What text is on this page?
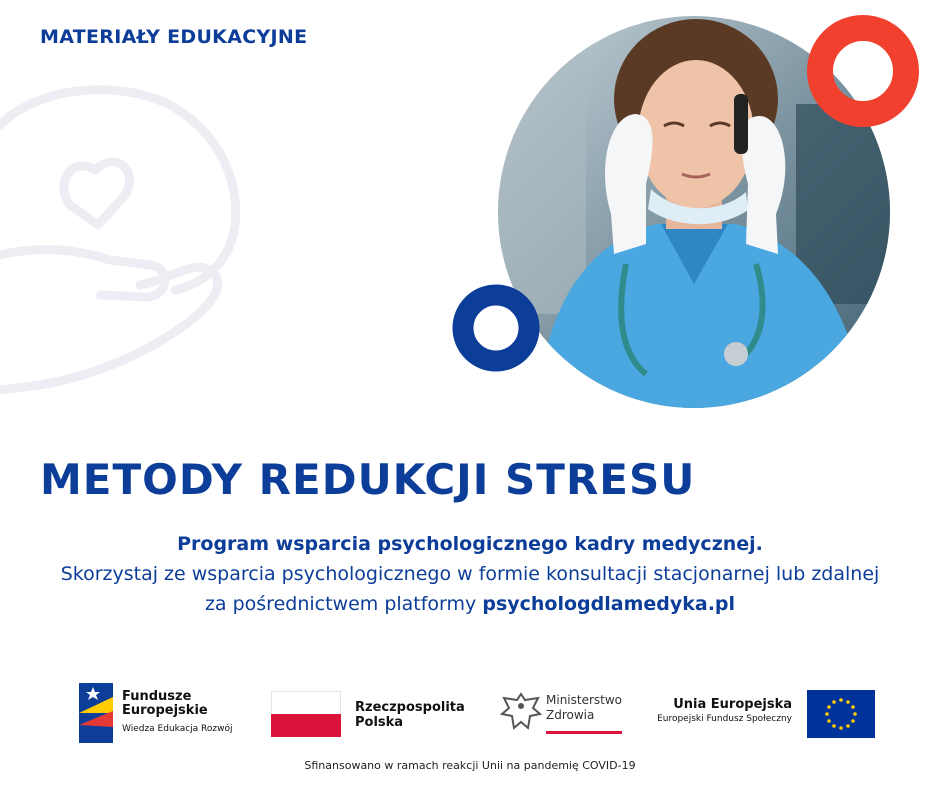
MATERIAŁY EDUKACYJNE
METODY REDUKCJI STRESU
Program wsparcia psychologicznego kadry medycznej.
Skorzystaj ze wsparcia psychologicznego w formie konsultacji stacjonarnej lub zdalnej
za pośrednictwem platformy psychologdlamedyka.pl
Fundusze
Europejskie
Wiedza Edukacja Rozwój
Rzeczpospolita
Polska
Ministerstwo
Zdrowia
Unia Europejska
Europejski Fundusz Społeczny
Sfinansowano w ramach reakcji Unii na pandemię COVID-19
